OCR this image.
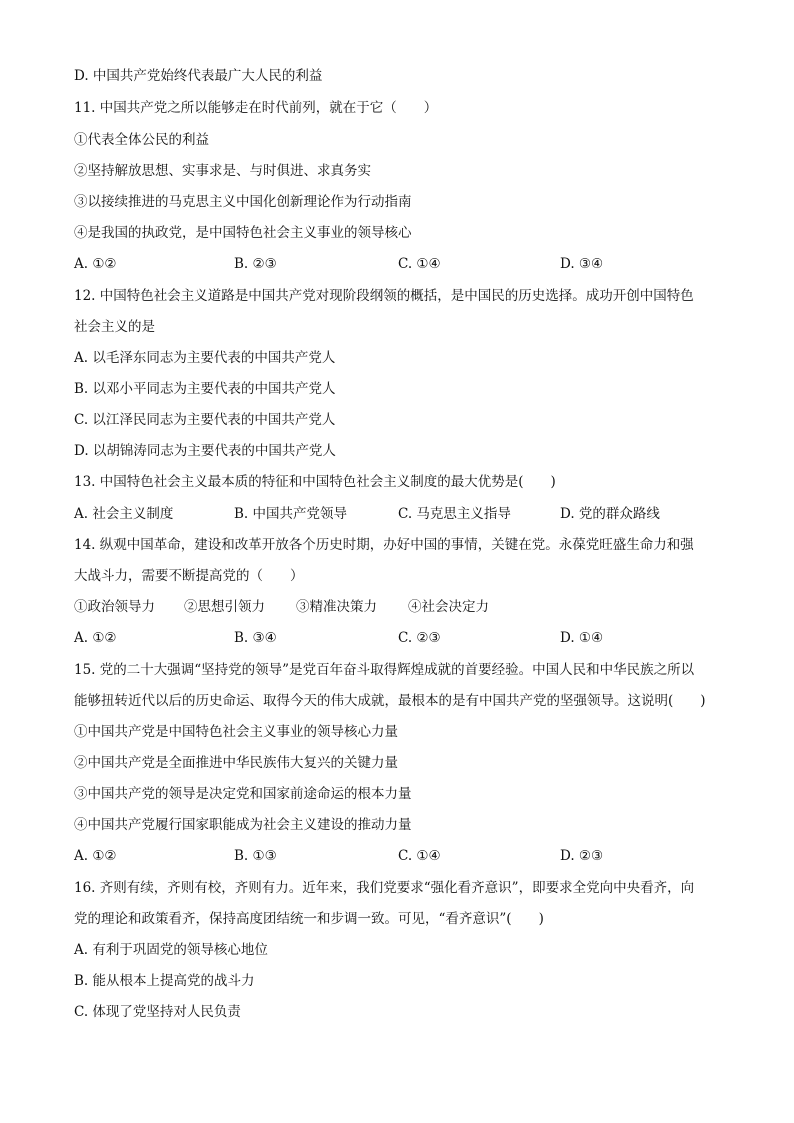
D. 中国共产党始终代表最广大人民的利益
11. 中国共产党之所以能够走在时代前列，就在于它（　　）
①代表全体公民的利益
②坚持解放思想、实事求是、与时俱进、求真务实
③以接续推进的马克思主义中国化创新理论作为行动指南
④是我国的执政党，是中国特色社会主义事业的领导核心
A. ①②	B. ②③	C. ①④	D. ③④
12. 中国特色社会主义道路是中国共产党对现阶段纲领的概括，是中国民的历史选择。成功开创中国特色
社会主义的是
A. 以毛泽东同志为主要代表的中国共产党人
B. 以邓小平同志为主要代表的中国共产党人
C. 以江泽民同志为主要代表的中国共产党人
D. 以胡锦涛同志为主要代表的中国共产党人
13. 中国特色社会主义最本质的特征和中国特色社会主义制度的最大优势是(　　)
A. 社会主义制度	B. 中国共产党领导	C. 马克思主义指导	D. 党的群众路线
14. 纵观中国革命，建设和改革开放各个历史时期，办好中国的事情，关键在党。永葆党旺盛生命力和强
大战斗力，需要不断提高党的（　　）
①政治领导力 ②思想引领力 ③精准决策力 ④社会决定力
A. ①②	B. ③④	C. ②③	D. ①④
15. 党的二十大强调“坚持党的领导”是党百年奋斗取得辉煌成就的首要经验。中国人民和中华民族之所以
能够扭转近代以后的历史命运、取得今天的伟大成就，最根本的是有中国共产党的坚强领导。这说明(　　)
①中国共产党是中国特色社会主义事业的领导核心力量
②中国共产党是全面推进中华民族伟大复兴的关键力量
③中国共产党的领导是决定党和国家前途命运的根本力量
④中国共产党履行国家职能成为社会主义建设的推动力量
A. ①②	B. ①③	C. ①④	D. ②③
16. 齐则有续，齐则有校，齐则有力。近年来，我们党要求“强化看齐意识”，即要求全党向中央看齐，向
党的理论和政策看齐，保持高度团结统一和步调一致。可见，“看齐意识”(　　)
A. 有利于巩固党的领导核心地位
B. 能从根本上提高党的战斗力
C. 体现了党坚持对人民负责
